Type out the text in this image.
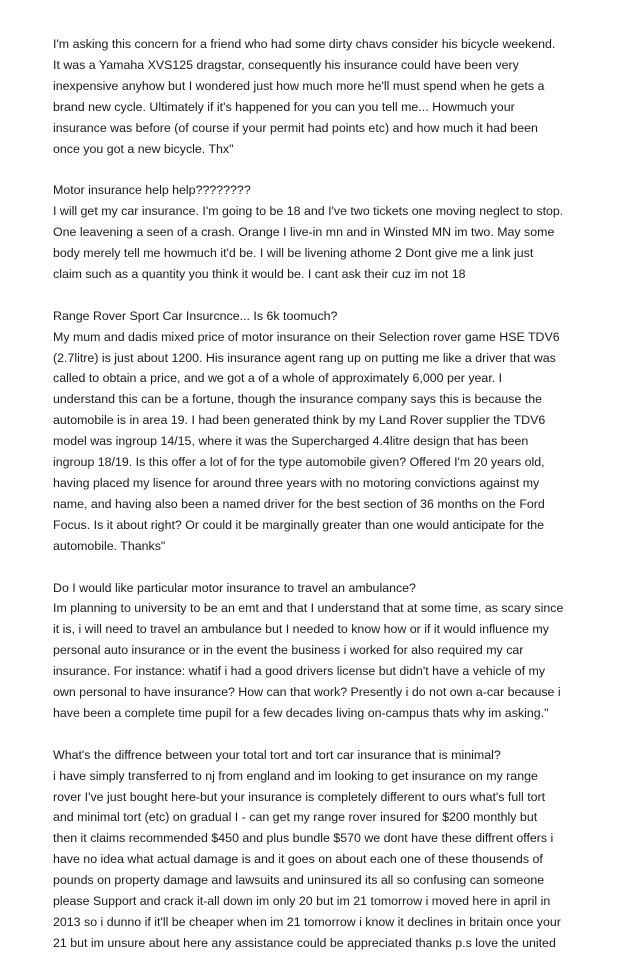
I'm asking this concern for a friend who had some dirty chavs consider his bicycle weekend.
It was a Yamaha XVS125 dragstar, consequently his insurance could have been very
inexpensive anyhow but I wondered just how much more he'll must spend when he gets a
brand new cycle. Ultimately if it's happened for you can you tell me... Howmuch your
insurance was before (of course if your permit had points etc) and how much it had been
once you got a new bicycle. Thx"
Motor insurance help help????????
I will get my car insurance. I'm going to be 18 and I've two tickets one moving neglect to stop.
One leavening a seen of a crash. Orange I live-in mn and in Winsted MN im two. May some
body merely tell me howmuch it'd be. I will be livening athome 2 Dont give me a link just
claim such as a quantity you think it would be. I cant ask their cuz im not 18
Range Rover Sport Car Insurcnce... Is 6k toomuch?
My mum and dadis mixed price of motor insurance on their Selection rover game HSE TDV6
(2.7litre) is just about 1200. His insurance agent rang up on putting me like a driver that was
called to obtain a price, and we got a of a whole of approximately 6,000 per year. I
understand this can be a fortune, though the insurance company says this is because the
automobile is in area 19. I had been generated think by my Land Rover supplier the TDV6
model was ingroup 14/15, where it was the Supercharged 4.4litre design that has been
ingroup 18/19. Is this offer a lot of for the type automobile given? Offered I'm 20 years old,
having placed my lisence for around three years with no motoring convictions against my
name, and having also been a named driver for the best section of 36 months on the Ford
Focus. Is it about right? Or could it be marginally greater than one would anticipate for the
automobile. Thanks"
Do I would like particular motor insurance to travel an ambulance?
Im planning to university to be an emt and that I understand that at some time, as scary since
it is, i will need to travel an ambulance but I needed to know how or if it would influence my
personal auto insurance or in the event the business i worked for also required my car
insurance. For instance: whatif i had a good drivers license but didn't have a vehicle of my
own personal to have insurance? How can that work? Presently i do not own a-car because i
have been a complete time pupil for a few decades living on-campus thats why im asking."
What's the diffrence between your total tort and tort car insurance that is minimal?
i have simply transferred to nj from england and im looking to get insurance on my range
rover I've just bought here-but your insurance is completely different to ours what's full tort
and minimal tort (etc) on gradual I - can get my range rover insured for $200 monthly but
then it claims recommended $450 and plus bundle $570 we dont have these diffrent offers i
have no idea what actual damage is and it goes on about each one of these thousends of
pounds on property damage and lawsuits and uninsured its all so confusing can someone
please Support and crack it-all down im only 20 but im 21 tomorrow i moved here in april in
2013 so i dunno if it'll be cheaper when im 21 tomorrow i know it declines in britain once your
21 but im unsure about here any assistance could be appreciated thanks p.s love the united
